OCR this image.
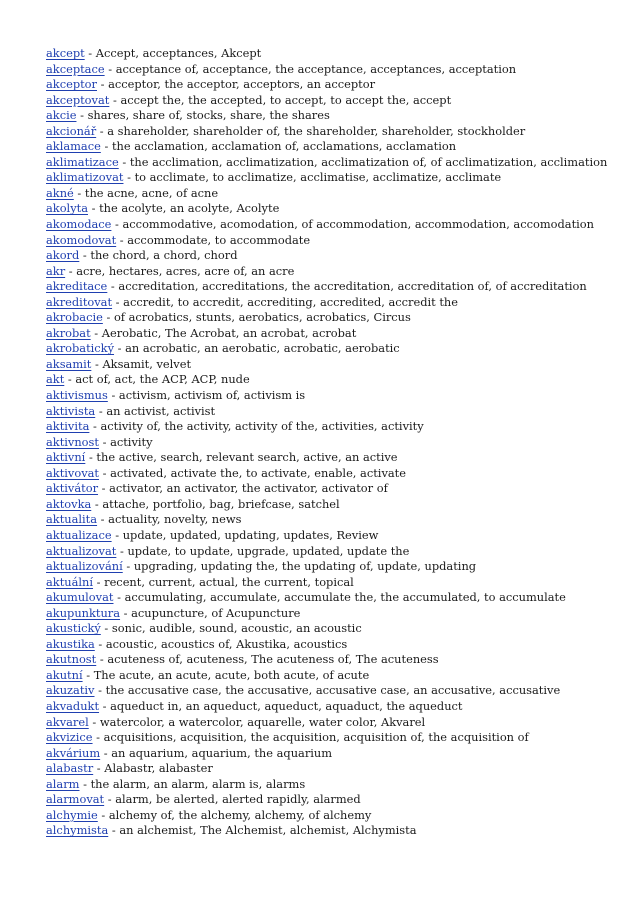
akcept - Accept, acceptances, Akcept
akceptace - acceptance of, acceptance, the acceptance, acceptances, acceptation
akceptor - acceptor, the acceptor, acceptors, an acceptor
akceptovat - accept the, the accepted, to accept, to accept the, accept
akcie - shares, share of, stocks, share, the shares
akcionář - a shareholder, shareholder of, the shareholder, shareholder, stockholder
aklamace - the acclamation, acclamation of, acclamations, acclamation
aklimatizace - the acclimation, acclimatization, acclimatization of, of acclimatization, acclimation
aklimatizovat - to acclimate, to acclimatize, acclimatise, acclimatize, acclimate
akné - the acne, acne, of acne
akolyta - the acolyte, an acolyte, Acolyte
akomodace - accommodative, acomodation, of accommodation, accommodation, accomodation
akomodovat - accommodate, to accommodate
akord - the chord, a chord, chord
akr - acre, hectares, acres, acre of, an acre
akreditace - accreditation, accreditations, the accreditation, accreditation of, of accreditation
akreditovat - accredit, to accredit, accrediting, accredited, accredit the
akrobacie - of acrobatics, stunts, aerobatics, acrobatics, Circus
akrobat - Aerobatic, The Acrobat, an acrobat, acrobat
akrobatický - an acrobatic, an aerobatic, acrobatic, aerobatic
aksamit - Aksamit, velvet
akt - act of, act, the ACP, ACP, nude
aktivismus - activism, activism of, activism is
aktivista - an activist, activist
aktivita - activity of, the activity, activity of the, activities, activity
aktivnost - activity
aktivní - the active, search, relevant search, active, an active
aktivovat - activated, activate the, to activate, enable, activate
aktivátor - activator, an activator, the activator, activator of
aktovka - attache, portfolio, bag, briefcase, satchel
aktualita - actuality, novelty, news
aktualizace - update, updated, updating, updates, Review
aktualizovat - update, to update, upgrade, updated, update the
aktualizování - upgrading, updating the, the updating of, update, updating
aktuální - recent, current, actual, the current, topical
akumulovat - accumulating, accumulate, accumulate the, the accumulated, to accumulate
akupunktura - acupuncture, of Acupuncture
akustický - sonic, audible, sound, acoustic, an acoustic
akustika - acoustic, acoustics of, Akustika, acoustics
akutnost - acuteness of, acuteness, The acuteness of, The acuteness
akutní - The acute, an acute, acute, both acute, of acute
akuzativ - the accusative case, the accusative, accusative case, an accusative, accusative
akvadukt - aqueduct in, an aqueduct, aqueduct, aquaduct, the aqueduct
akvarel - watercolor, a watercolor, aquarelle, water color, Akvarel
akvizice - acquisitions, acquisition, the acquisition, acquisition of, the acquisition of
akvárium - an aquarium, aquarium, the aquarium
alabastr - Alabastr, alabaster
alarm - the alarm, an alarm, alarm is, alarms
alarmovat - alarm, be alerted, alerted rapidly, alarmed
alchymie - alchemy of, the alchemy, alchemy, of alchemy
alchymista - an alchemist, The Alchemist, alchemist, Alchymista
